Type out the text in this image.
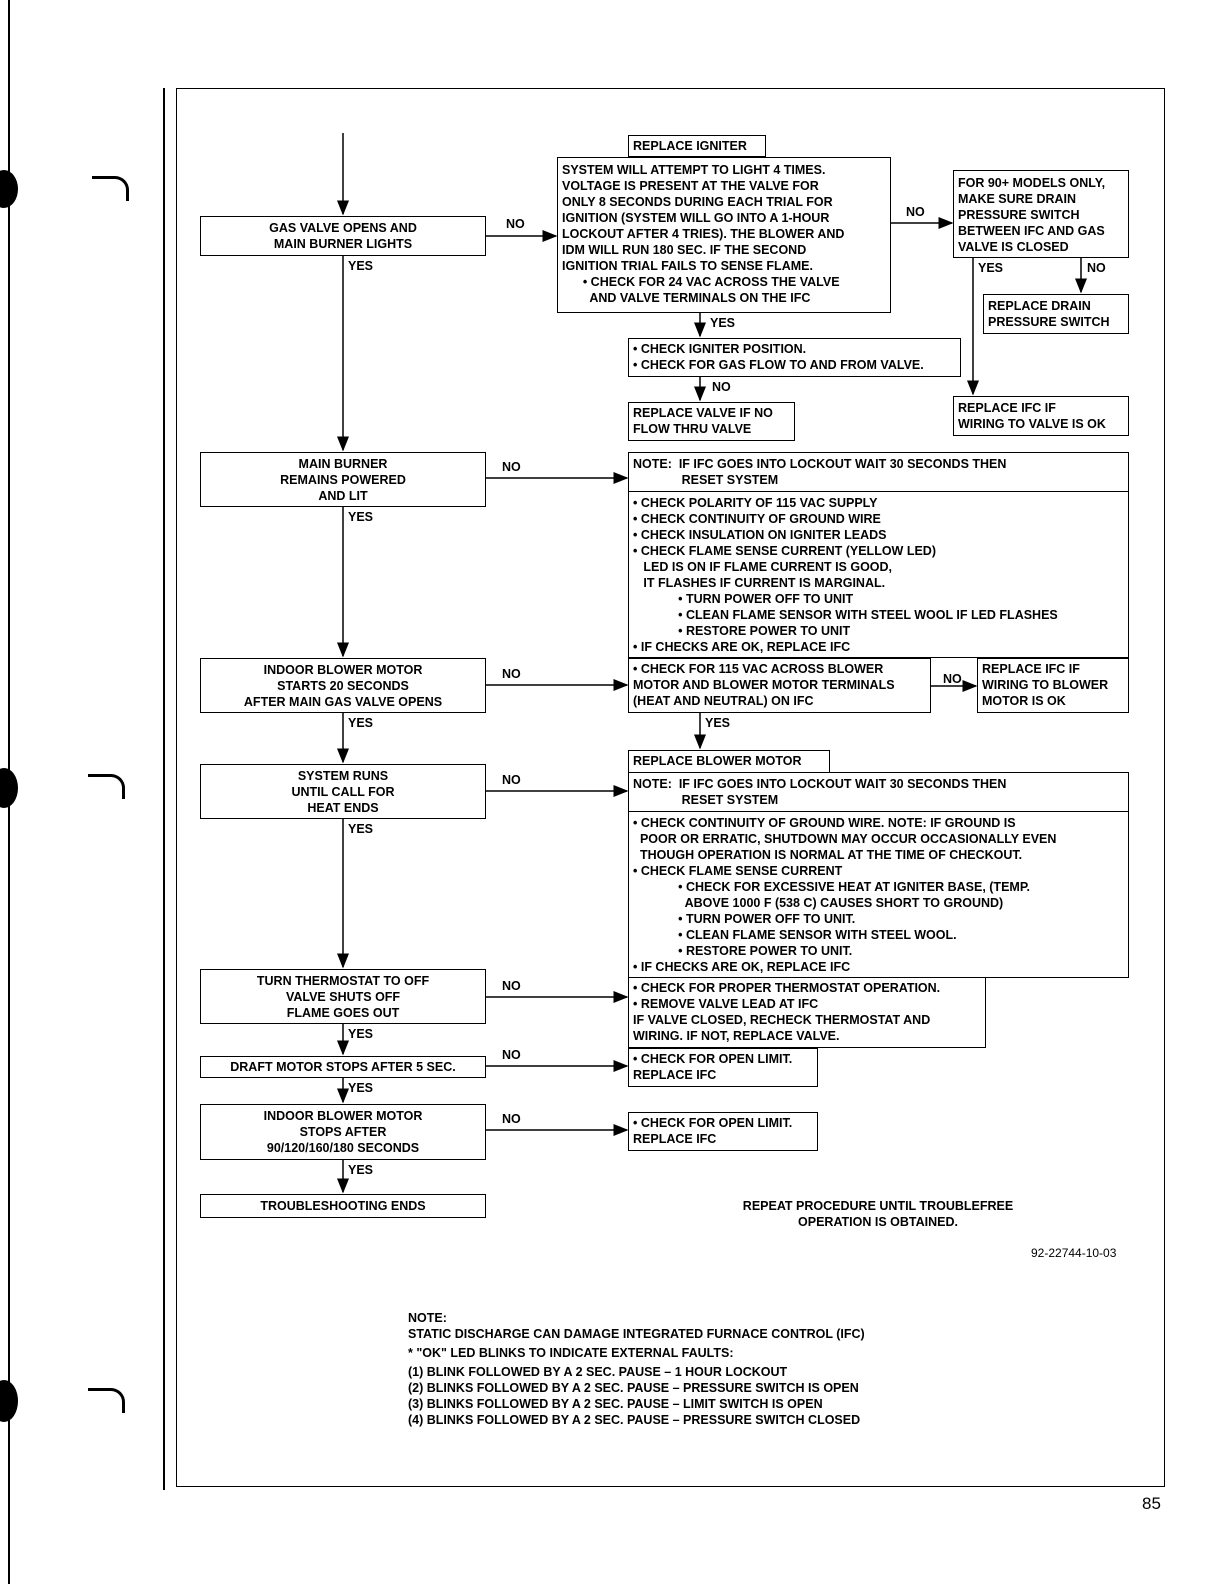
YES
YES
YES
YES
YES
YES
YES
YES
YES
YES
NO
NO
NO
NO
NO
NO
NO
NO
NO
NO
NO
GAS VALVE OPENS AND
MAIN BURNER LIGHTS
MAIN BURNER
REMAINS POWERED
AND LIT
INDOOR BLOWER MOTOR
STARTS 20 SECONDS
AFTER MAIN GAS VALVE OPENS
SYSTEM RUNS
UNTIL CALL FOR
HEAT ENDS
TURN THERMOSTAT TO OFF
VALVE SHUTS OFF
FLAME GOES OUT
DRAFT MOTOR STOPS AFTER 5 SEC.
INDOOR BLOWER MOTOR
STOPS AFTER
90/120/160/180 SECONDS
TROUBLESHOOTING ENDS
REPLACE IGNITER
SYSTEM WILL ATTEMPT TO LIGHT 4 TIMES.
VOLTAGE IS PRESENT AT THE VALVE FOR
ONLY 8 SECONDS DURING EACH TRIAL FOR
IGNITION (SYSTEM WILL GO INTO A 1-HOUR
LOCKOUT AFTER 4 TRIES). THE BLOWER AND
IDM WILL RUN 180 SEC. IF THE SECOND
IGNITION TRIAL FAILS TO SENSE FLAME.
• CHECK FOR 24 VAC ACROSS THE VALVE
AND VALVE TERMINALS ON THE IFC
FOR 90+ MODELS ONLY,
MAKE SURE DRAIN
PRESSURE SWITCH
BETWEEN IFC AND GAS
VALVE IS CLOSED
REPLACE DRAIN
PRESSURE SWITCH
• CHECK IGNITER POSITION.
• CHECK FOR GAS FLOW TO AND FROM VALVE.
REPLACE VALVE IF NO
FLOW THRU VALVE
REPLACE IFC IF
WIRING TO VALVE IS OK
NOTE:  IF IFC GOES INTO LOCKOUT WAIT 30 SECONDS THEN
RESET SYSTEM
• CHECK POLARITY OF 115 VAC SUPPLY
• CHECK CONTINUITY OF GROUND WIRE
• CHECK INSULATION ON IGNITER LEADS
• CHECK FLAME SENSE CURRENT (YELLOW LED)
LED IS ON IF FLAME CURRENT IS GOOD,
IT FLASHES IF CURRENT IS MARGINAL.
• TURN POWER OFF TO UNIT
• CLEAN FLAME SENSOR WITH STEEL WOOL IF LED FLASHES
• RESTORE POWER TO UNIT
• IF CHECKS ARE OK, REPLACE IFC
• CHECK FOR 115 VAC ACROSS BLOWER
MOTOR AND BLOWER MOTOR TERMINALS
(HEAT AND NEUTRAL) ON IFC
REPLACE IFC IF
WIRING TO BLOWER
MOTOR IS OK
REPLACE BLOWER MOTOR
NOTE:  IF IFC GOES INTO LOCKOUT WAIT 30 SECONDS THEN
RESET SYSTEM
• CHECK CONTINUITY OF GROUND WIRE. NOTE: IF GROUND IS
POOR OR ERRATIC, SHUTDOWN MAY OCCUR OCCASIONALLY EVEN
THOUGH OPERATION IS NORMAL AT THE TIME OF CHECKOUT.
• CHECK FLAME SENSE CURRENT
• CHECK FOR EXCESSIVE HEAT AT IGNITER BASE, (TEMP.
ABOVE 1000 F (538 C) CAUSES SHORT TO GROUND)
• TURN POWER OFF TO UNIT.
• CLEAN FLAME SENSOR WITH STEEL WOOL.
• RESTORE POWER TO UNIT.
• IF CHECKS ARE OK, REPLACE IFC
• CHECK FOR PROPER THERMOSTAT OPERATION.
• REMOVE VALVE LEAD AT IFC
IF VALVE CLOSED, RECHECK THERMOSTAT AND
WIRING. IF NOT, REPLACE VALVE.
• CHECK FOR OPEN LIMIT.
REPLACE IFC
• CHECK FOR OPEN LIMIT.
REPLACE IFC
REPEAT PROCEDURE UNTIL TROUBLEFREE
OPERATION IS OBTAINED.
92-22744-10-03
NOTE:
STATIC DISCHARGE CAN DAMAGE INTEGRATED FURNACE CONTROL (IFC)
* "OK" LED BLINKS TO INDICATE EXTERNAL FAULTS:
(1) BLINK FOLLOWED BY A 2 SEC. PAUSE – 1 HOUR LOCKOUT
(2) BLINKS FOLLOWED BY A 2 SEC. PAUSE – PRESSURE SWITCH IS OPEN
(3) BLINKS FOLLOWED BY A 2 SEC. PAUSE – LIMIT SWITCH IS OPEN
(4) BLINKS FOLLOWED BY A 2 SEC. PAUSE – PRESSURE SWITCH CLOSED
85
